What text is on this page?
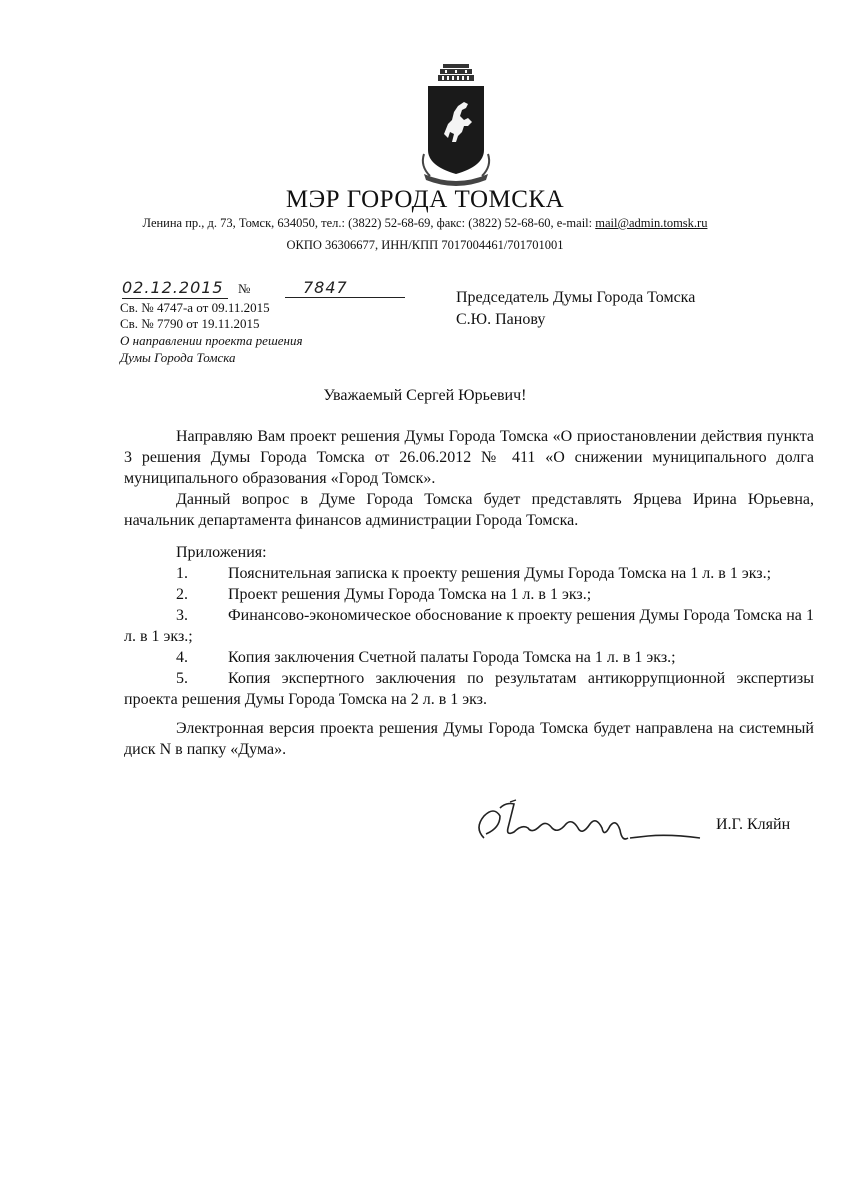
МЭР ГОРОДА ТОМСКА
Ленина пр., д. 73, Томск, 634050, тел.: (3822) 52-68-69, факс: (3822) 52-68-60, e-mail: mail@admin.tomsk.ru
ОКПО 36306677, ИНН/КПП 7017004461/701701001
02.12.2015	№	7847
Св. № 4747-а от 09.11.2015
Св. № 7790 от 19.11.2015
О направлении проекта решения
Думы Города Томска
Председатель Думы Города Томска
С.Ю. Панову
Уважаемый Сергей Юрьевич!

Направляю Вам проект решения Думы Города Томска «О приостановлении действия пункта 3 решения Думы Города Томска от 26.06.2012 № 411 «О снижении муниципального долга муниципального образования «Город Томск».

Данный вопрос в Думе Города Томска будет представлять Ярцева Ирина Юрьевна, начальник департамента финансов администрации Города Томска.

Приложения:

1.	Пояснительная записка к проекту решения Думы Города Томска на 1 л. в 1 экз.;
2.	Проект решения Думы Города Томска на 1 л. в 1 экз.;

3.	Финансово-экономическое обоснование к проекту решения Думы Города Томска на 1 л. в 1 экз.;

4.	Копия заключения Счетной палаты Города Томска на 1 л. в 1 экз.;

5.	Копия экспертного заключения по результатам антикоррупционной экспертизы проекта решения Думы Города Томска на 2 л. в 1 экз.

Электронная версия проекта решения Думы Города Томска будет направлена на системный диск N в папку «Дума».

И.Г. Кляйн
